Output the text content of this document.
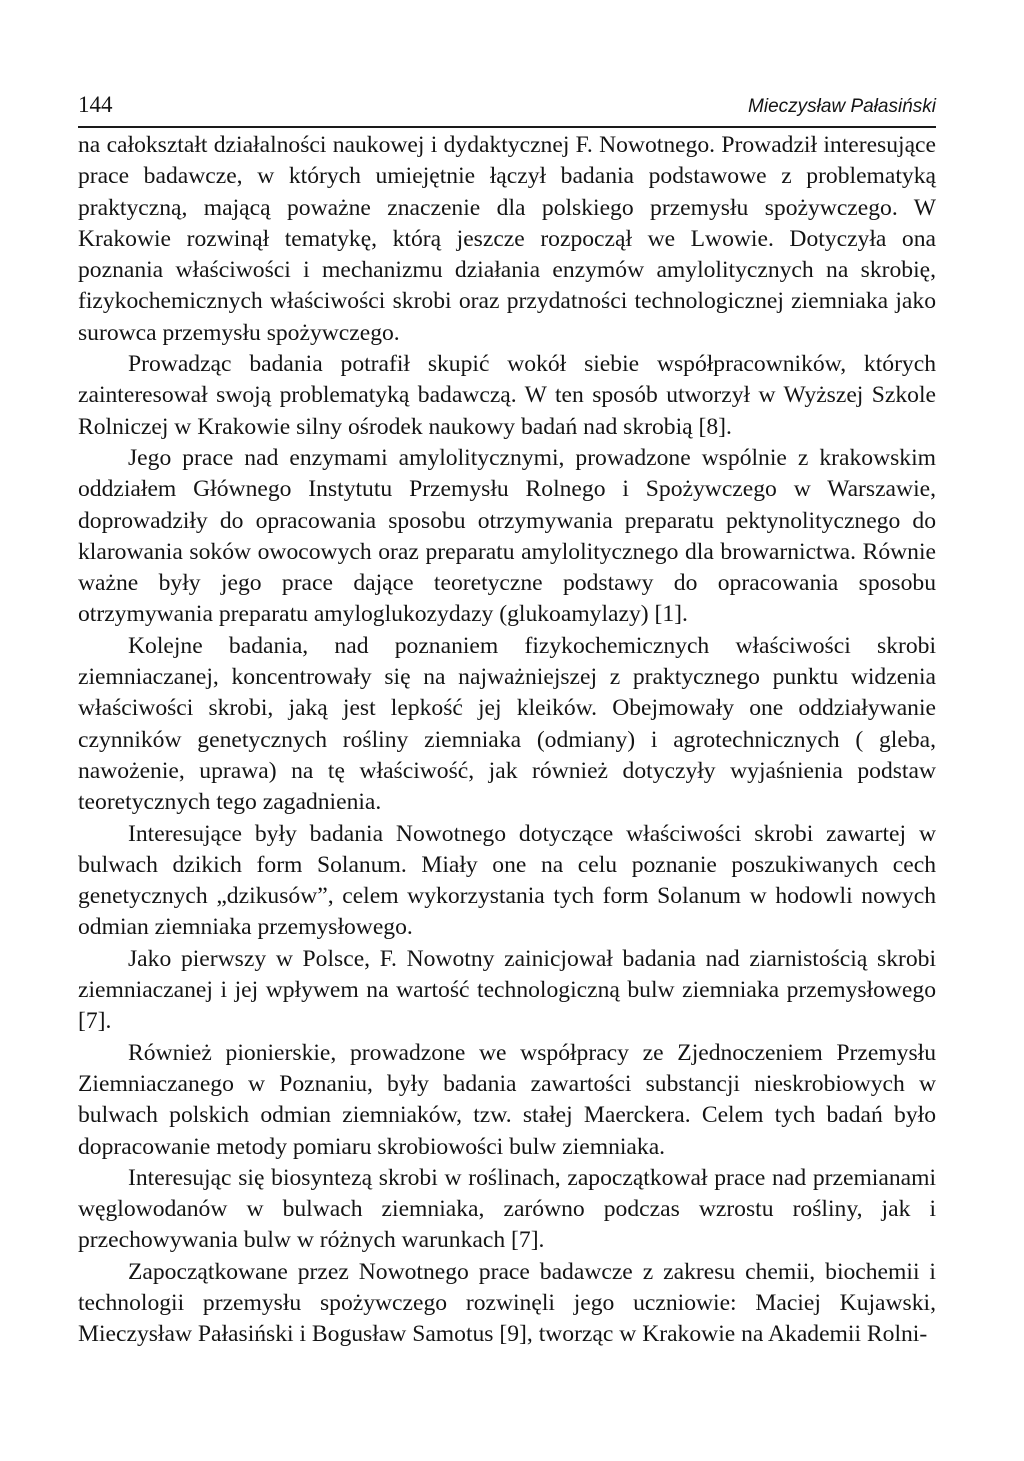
144	Mieczysław Pałasiński

na całokształt działalności naukowej i dydaktycznej F. Nowotnego. Prowadził interesujące prace badawcze, w których umiejętnie łączył badania podstawowe z problematyką praktyczną, mającą poważne znaczenie dla polskiego przemysłu spożywczego. W Krakowie rozwinął tematykę, którą jeszcze rozpoczął we Lwowie. Dotyczyła ona poznania właściwości i mechanizmu działania enzymów amylolitycznych na skrobię, fizykochemicznych właściwości skrobi oraz przydatności technologicznej ziemniaka jako surowca przemysłu spożywczego.

Prowadząc badania potrafił skupić wokół siebie współpracowników, których zainteresował swoją problematyką badawczą. W ten sposób utworzył w Wyższej Szkole Rolniczej w Krakowie silny ośrodek naukowy badań nad skrobią [8].

Jego prace nad enzymami amylolitycznymi, prowadzone wspólnie z krakowskim oddziałem Głównego Instytutu Przemysłu Rolnego i Spożywczego w Warszawie, doprowadziły do opracowania sposobu otrzymywania preparatu pektynolitycznego do klarowania soków owocowych oraz preparatu amylolitycznego dla browarnictwa. Równie ważne były jego prace dające teoretyczne podstawy do opracowania sposobu otrzymywania preparatu amyloglukozydazy (glukoamylazy) [1].

Kolejne badania, nad poznaniem fizykochemicznych właściwości skrobi ziemniaczanej, koncentrowały się na najważniejszej z praktycznego punktu widzenia właściwości skrobi, jaką jest lepkość jej kleików. Obejmowały one oddziaływanie czynników genetycznych rośliny ziemniaka (odmiany) i agrotechnicznych ( gleba, nawożenie, uprawa) na tę właściwość, jak również dotyczyły wyjaśnienia podstaw teoretycznych tego zagadnienia.

Interesujące były badania Nowotnego dotyczące właściwości skrobi zawartej w bulwach dzikich form Solanum. Miały one na celu poznanie poszukiwanych cech genetycznych „dzikusów”, celem wykorzystania tych form Solanum w hodowli nowych odmian ziemniaka przemysłowego.

Jako pierwszy w Polsce, F. Nowotny zainicjował badania nad ziarnistością skrobi ziemniaczanej i jej wpływem na wartość technologiczną bulw ziemniaka przemysłowego [7].

Również pionierskie, prowadzone we współpracy ze Zjednoczeniem Przemysłu Ziemniaczanego w Poznaniu, były badania zawartości substancji nieskrobiowych w bulwach polskich odmian ziemniaków, tzw. stałej Maerckera. Celem tych badań było dopracowanie metody pomiaru skrobiowości bulw ziemniaka.

Interesując się biosyntezą skrobi w roślinach, zapoczątkował prace nad przemianami węglowodanów w bulwach ziemniaka, zarówno podczas wzrostu rośliny, jak i przechowywania bulw w różnych warunkach [7].

Zapoczątkowane przez Nowotnego prace badawcze z zakresu chemii, biochemii i technologii przemysłu spożywczego rozwinęli jego uczniowie: Maciej Kujawski, Mieczysław Pałasiński i Bogusław Samotus [9], tworząc w Krakowie na Akademii Rolni-
